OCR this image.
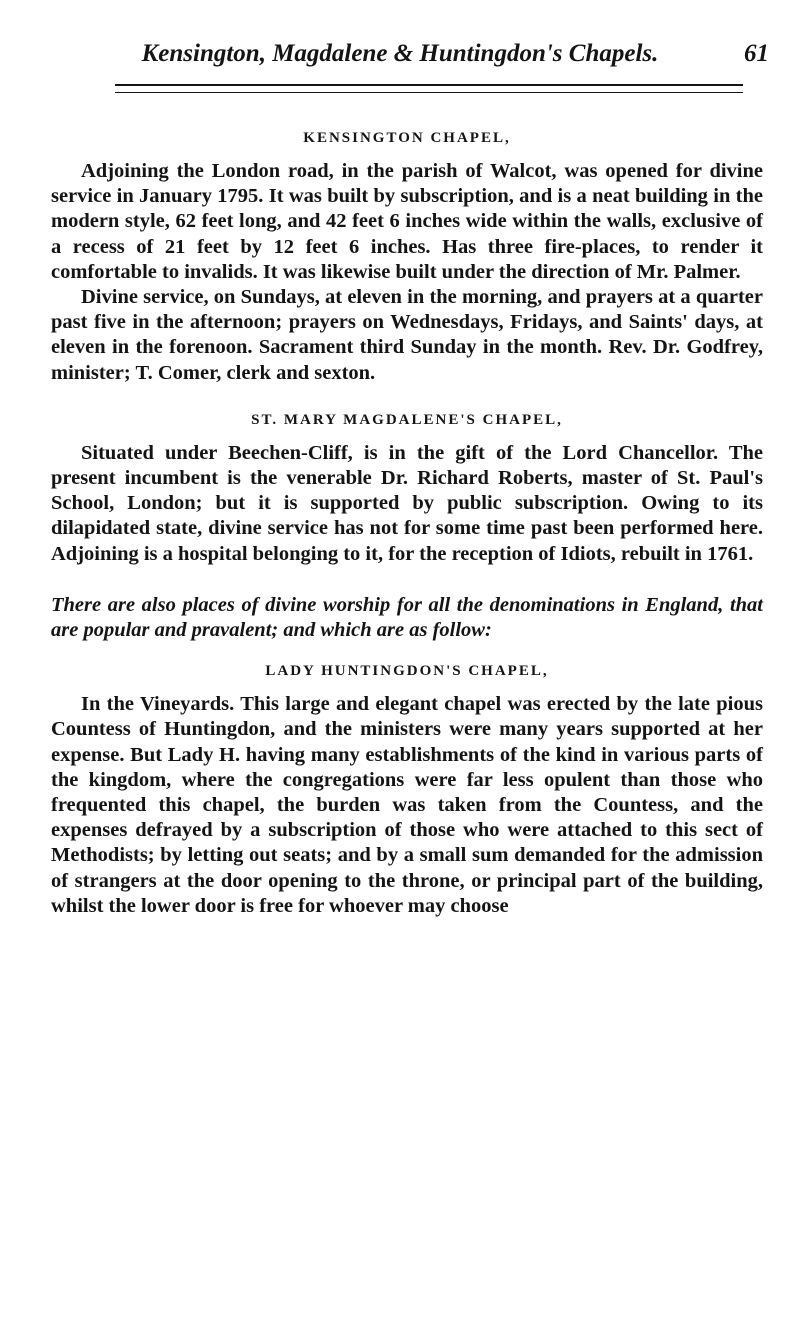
Kensington, Magdalene & Huntingdon's Chapels.	61

KENSINGTON CHAPEL,

Adjoining the London road, in the parish of Walcot, was opened for divine service in January 1795. It was built by subscription, and is a neat building in the modern style, 62 feet long, and 42 feet 6 inches wide within the walls, exclusive of a recess of 21 feet by 12 feet 6 inches. Has three fire-places, to render it comfortable to invalids. It was likewise built under the direction of Mr. Palmer.

Divine service, on Sundays, at eleven in the morning, and prayers at a quarter past five in the afternoon; prayers on Wednesdays, Fridays, and Saints' days, at eleven in the forenoon. Sacrament third Sunday in the month. Rev. Dr. Godfrey, minister; T. Comer, clerk and sexton.

ST. MARY MAGDALENE'S CHAPEL,

Situated under Beechen-Cliff, is in the gift of the Lord Chancellor. The present incumbent is the venerable Dr. Richard Roberts, master of St. Paul's School, London; but it is supported by public subscription. Owing to its dilapidated state, divine service has not for some time past been performed here. Adjoining is a hospital belonging to it, for the reception of Idiots, rebuilt in 1761.

There are also places of divine worship for all the denominations in England, that are popular and pravalent; and which are as follow:

LADY HUNTINGDON'S CHAPEL,

In the Vineyards. This large and elegant chapel was erected by the late pious Countess of Huntingdon, and the ministers were many years supported at her expense. But Lady H. having many establishments of the kind in various parts of the kingdom, where the congregations were far less opulent than those who frequented this chapel, the burden was taken from the Countess, and the expenses defrayed by a subscription of those who were attached to this sect of Methodists; by letting out seats; and by a small sum demanded for the admission of strangers at the door opening to the throne, or principal part of the building, whilst the lower door is free for whoever may choose
